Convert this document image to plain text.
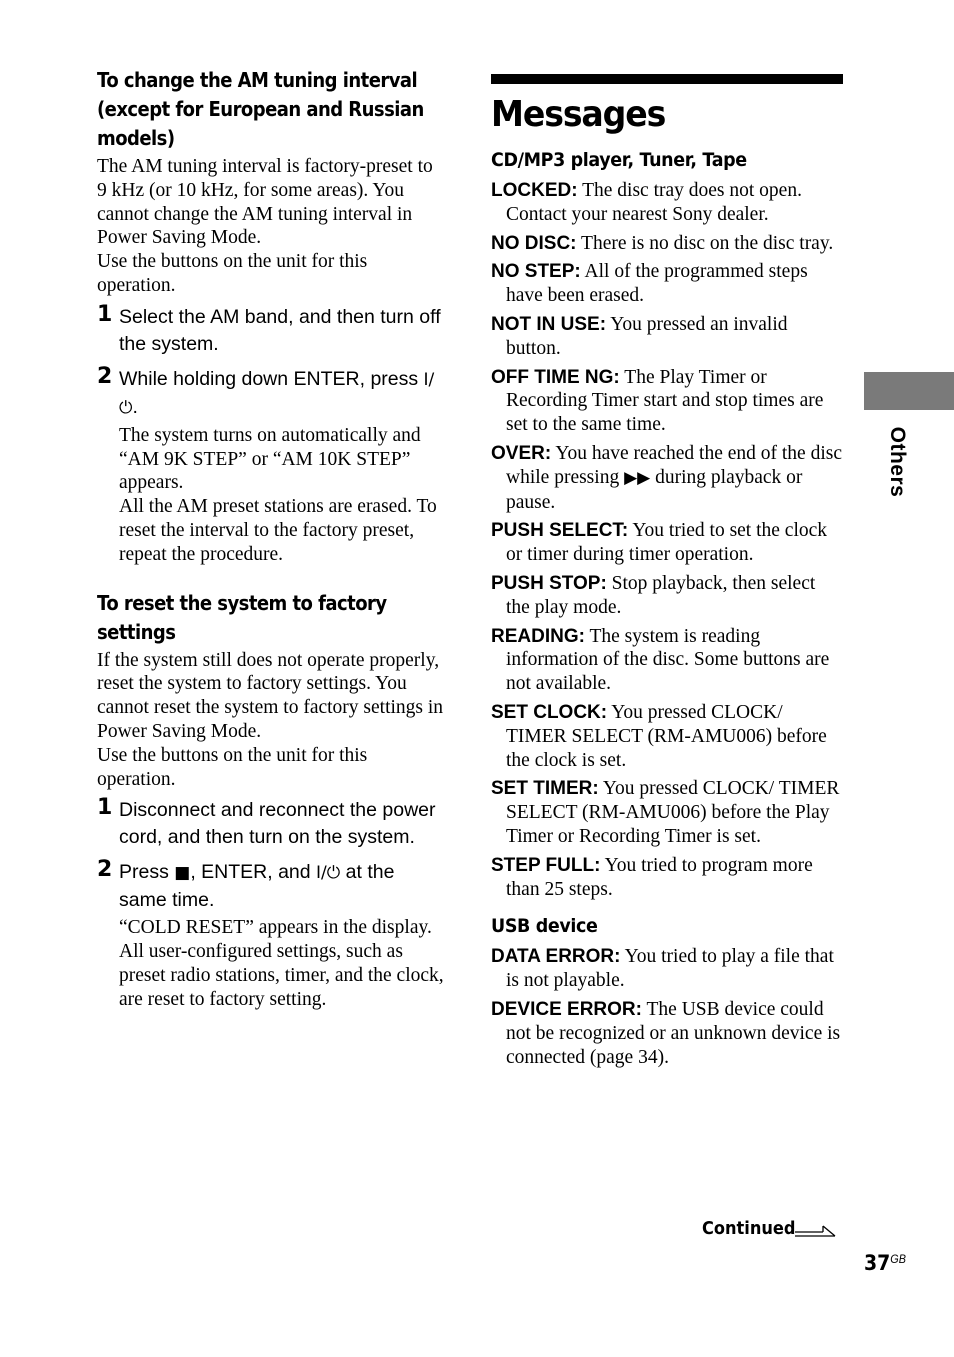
To change the AM tuning interval (except for European and Russian models)

The AM tuning interval is factory-preset to 9 kHz (or 10 kHz, for some areas). You cannot change the AM tuning interval in Power Saving Mode.

Use the buttons on the unit for this operation.

1 Select the AM band, and then turn off the system.
2 While holding down ENTER, press I/⏻.
The system turns on automatically and “AM 9K STEP” or “AM 10K STEP” appears.
All the AM preset stations are erased. To reset the interval to the factory preset, repeat the procedure.
To reset the system to factory settings

If the system still does not operate properly, reset the system to factory settings. You cannot reset the system to factory settings in Power Saving Mode.

Use the buttons on the unit for this operation.

1 Disconnect and reconnect the power cord, and then turn on the system.
2 Press ■, ENTER, and I/⏻ at the same time.
“COLD RESET” appears in the display.
All user-configured settings, such as preset radio stations, timer, and the clock, are reset to factory setting.
Messages
CD/MP3 player, Tuner, Tape

LOCKED: The disc tray does not open. Contact your nearest Sony dealer.

NO DISC: There is no disc on the disc tray.

NO STEP: All of the programmed steps have been erased.

NOT IN USE: You pressed an invalid button.

OFF TIME NG: The Play Timer or Recording Timer start and stop times are set to the same time.

OVER: You have reached the end of the disc while pressing ▶▶ during playback or pause.

PUSH SELECT: You tried to set the clock or timer during timer operation.

PUSH STOP: Stop playback, then select the play mode.

READING: The system is reading information of the disc. Some buttons are not available.

SET CLOCK: You pressed CLOCK/ TIMER SELECT (RM-AMU006) before the clock is set.

SET TIMER: You pressed CLOCK/ TIMER SELECT (RM-AMU006) before the Play Timer or Recording Timer is set.

STEP FULL: You tried to program more than 25 steps.

USB device

DATA ERROR: You tried to play a file that is not playable.

DEVICE ERROR: The USB device could not be recognized or an unknown device is connected (page 34).

Others
Continued
$37^{GB}$
